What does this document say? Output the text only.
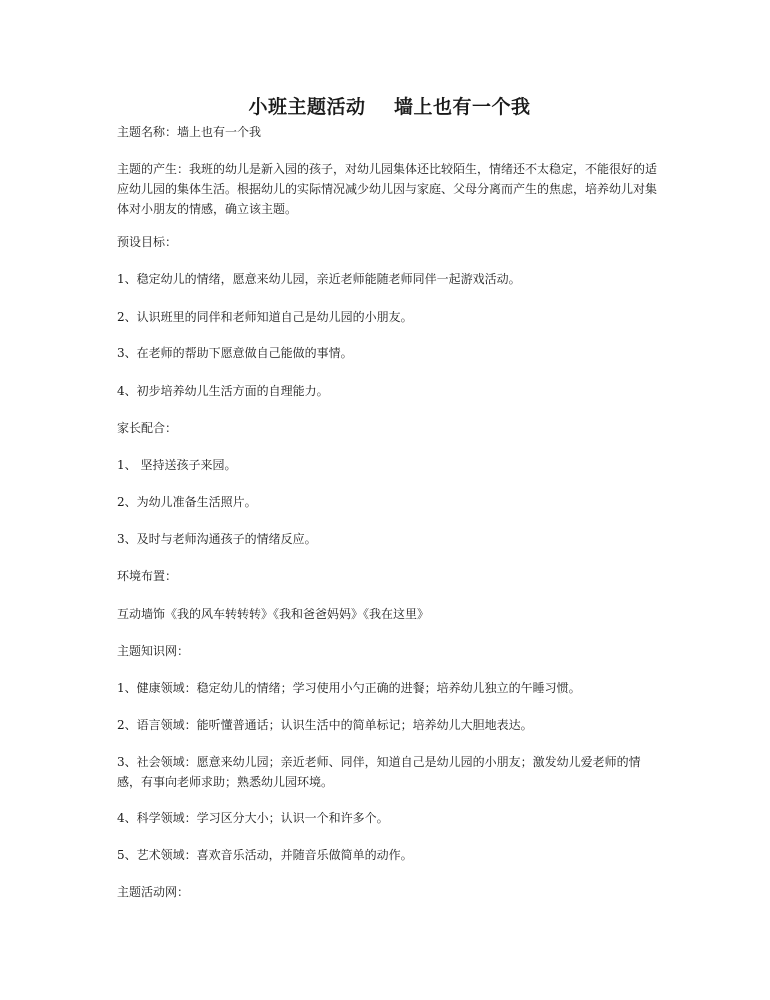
小班主题活动    墙上也有一个我

主题名称：墙上也有一个我

主题的产生：我班的幼儿是新入园的孩子，对幼儿园集体还比较陌生，情绪还不太稳定，不能很好的适应幼儿园的集体生活。根据幼儿的实际情况减少幼儿因与家庭、父母分离而产生的焦虑，培养幼儿对集体对小朋友的情感，确立该主题。

预设目标：

1、稳定幼儿的情绪，愿意来幼儿园，亲近老师能随老师同伴一起游戏活动。

2、认识班里的同伴和老师知道自己是幼儿园的小朋友。

3、在老师的帮助下愿意做自己能做的事情。

4、初步培养幼儿生活方面的自理能力。

家长配合：

1、 坚持送孩子来园。

2、为幼儿准备生活照片。

3、及时与老师沟通孩子的情绪反应。

环境布置：

互动墙饰《我的风车转转转》《我和爸爸妈妈》《我在这里》

主题知识网：

1、健康领域：稳定幼儿的情绪；学习使用小勺正确的进餐；培养幼儿独立的午睡习惯。

2、语言领域：能听懂普通话；认识生活中的简单标记；培养幼儿大胆地表达。

3、社会领域：愿意来幼儿园；亲近老师、同伴，知道自己是幼儿园的小朋友；激发幼儿爱老师的情感，有事向老师求助；熟悉幼儿园环境。

4、科学领域：学习区分大小；认识一个和许多个。

5、艺术领域：喜欢音乐活动，并随音乐做简单的动作。

主题活动网：
